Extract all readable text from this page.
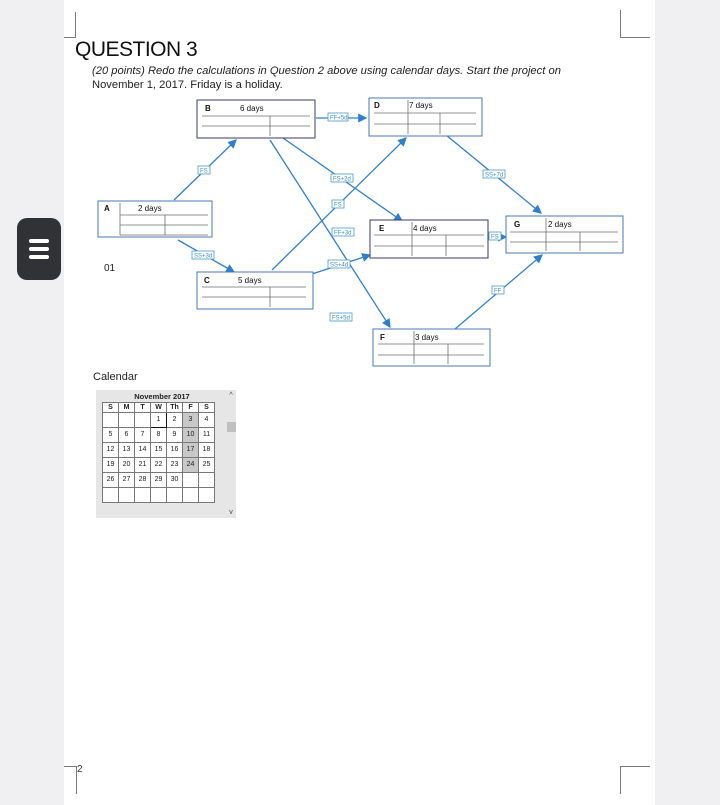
QUESTION 3
(20 points) Redo the calculations in Question 2 above using calendar days. Start the project on
November 1, 2017. Friday is a holiday.
A	2 days
B	6 days
C	5 days
D	7 days
E	4 days
F	3 days
G	2 days
FF+5d
FS
SS+3d
FS+2d
FS
FF+3d
SS+4d
FS+5d
SS+7d
FS
FF
01
Calendar
November 2017
S	M	T	W	Th	F	S
			1	2	3	4
5	6	7	8	9	10	11
12	13	14	15	16	17	18
19	20	21	22	23	24	25
26	27	28	29	30		

^
v
2
